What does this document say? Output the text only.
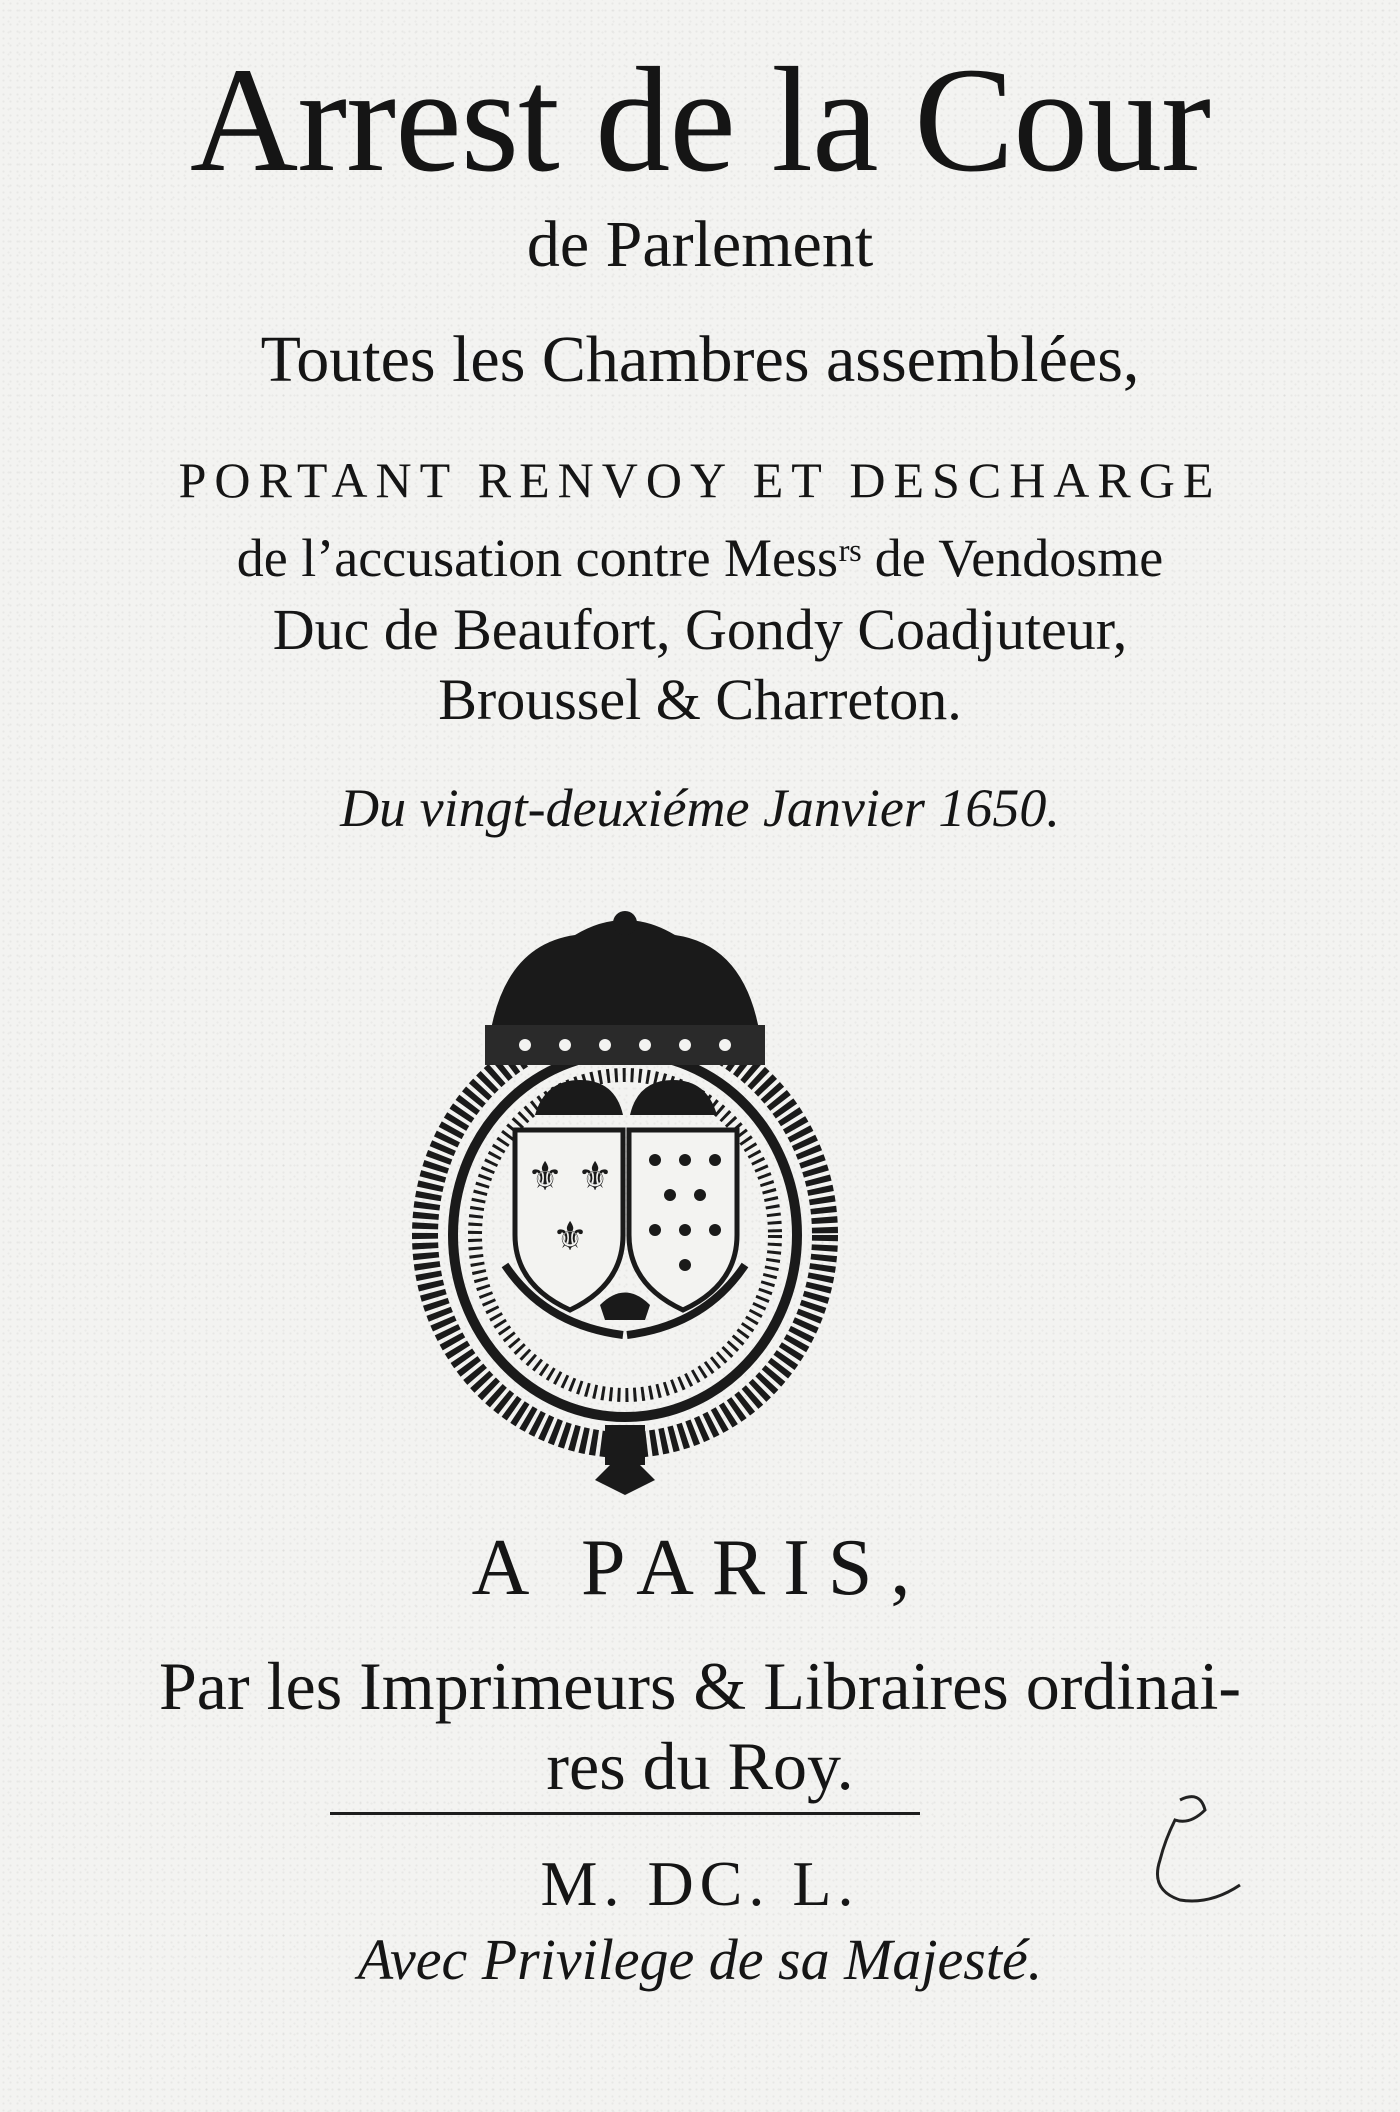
Arrest de la Cour
de Parlement
Toutes les Chambres assemblées,
PORTANT RENVOY ET DESCHARGE
de l’accusation contre Messʳˢ de Vendosme
Duc de Beaufort, Gondy Coadjuteur,
Broussel & Charreton.
Du vingt-deuxiéme Janvier 1650.
⚜ ⚜
⚜
A PARIS,
Par les Imprimeurs & Libraires ordinai-
res du Roy.
M. DC. L.
Avec Privilege de sa Majesté.
